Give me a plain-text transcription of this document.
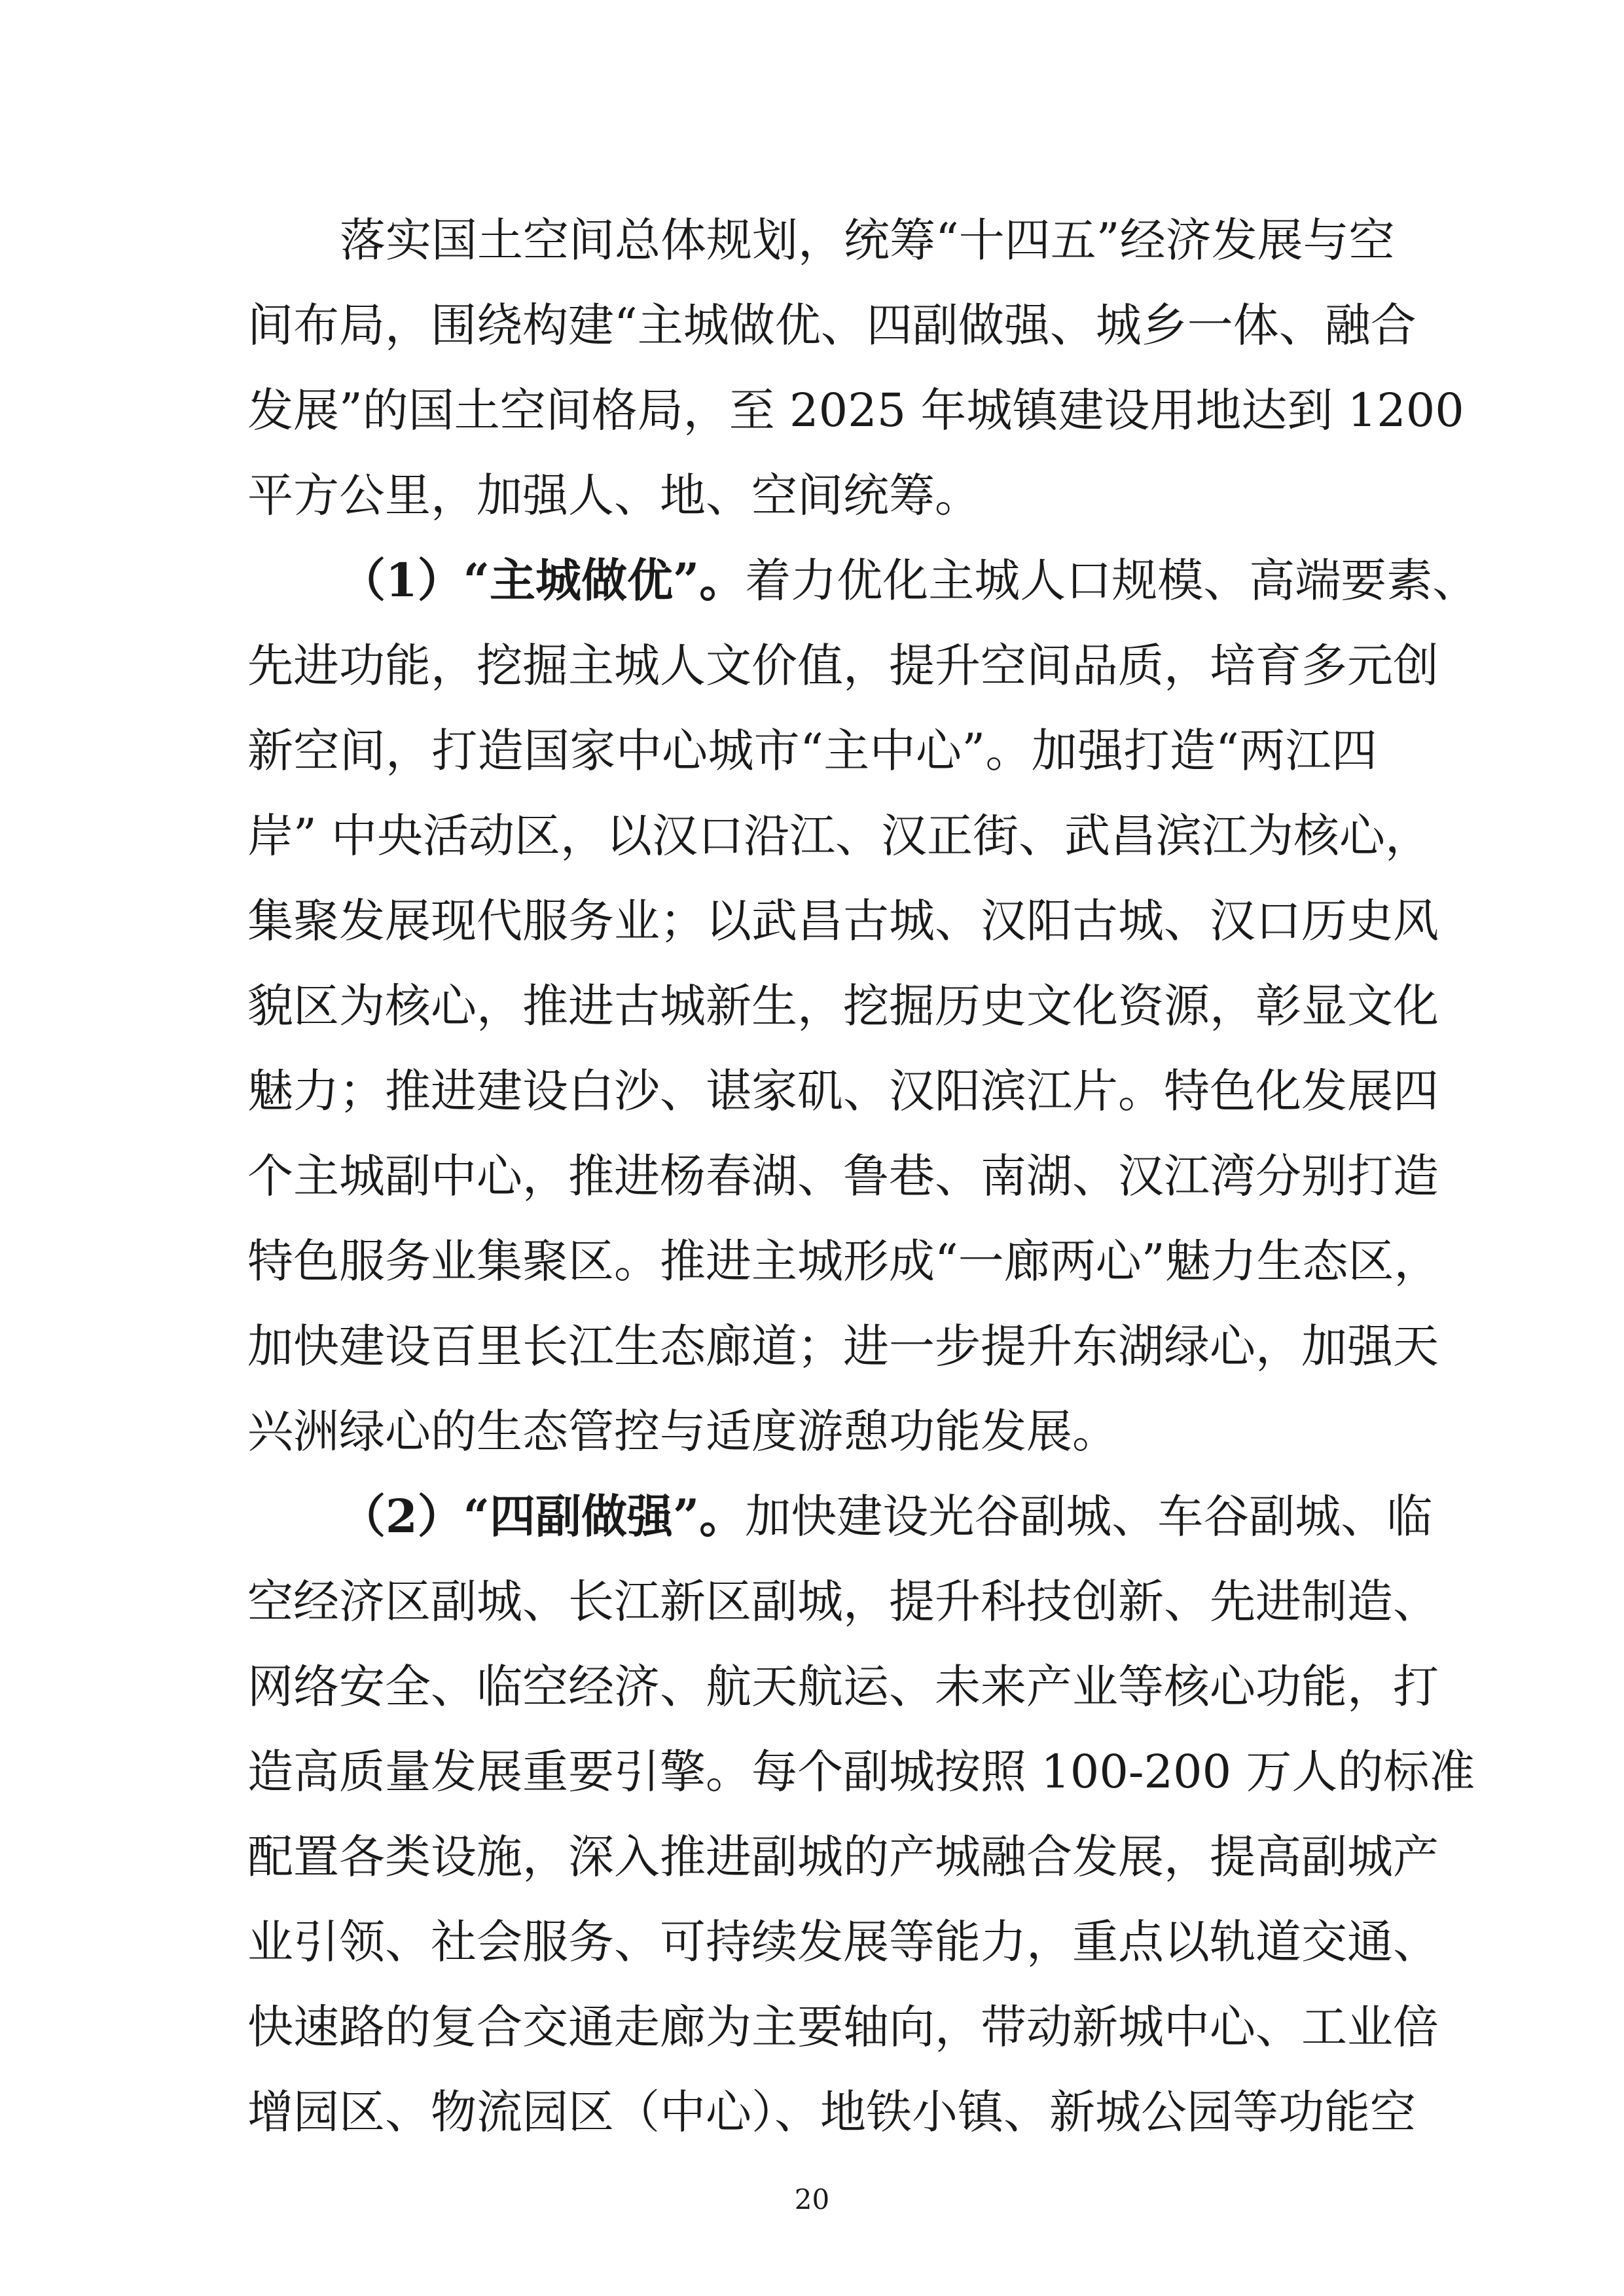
落实国土空间总体规划，统筹“十四五”经济发展与空
间布局，围绕构建“主城做优、四副做强、城乡一体、融合
发展”的国土空间格局，至 2025 年城镇建设用地达到 1200
平方公里，加强人、地、空间统筹。
（1）“主城做优”。着力优化主城人口规模、高端要素、
先进功能，挖掘主城人文价值，提升空间品质，培育多元创
新空间，打造国家中心城市“主中心”。加强打造“两江四
岸” 中央活动区，以汉口沿江、汉正街、武昌滨江为核心，
集聚发展现代服务业；以武昌古城、汉阳古城、汉口历史风
貌区为核心，推进古城新生，挖掘历史文化资源，彰显文化
魅力；推进建设白沙、谌家矶、汉阳滨江片。特色化发展四
个主城副中心，推进杨春湖、鲁巷、南湖、汉江湾分别打造
特色服务业集聚区。推进主城形成“一廊两心”魅力生态区，
加快建设百里长江生态廊道；进一步提升东湖绿心，加强天
兴洲绿心的生态管控与适度游憩功能发展。
（2）“四副做强”。加快建设光谷副城、车谷副城、临
空经济区副城、长江新区副城，提升科技创新、先进制造、
网络安全、临空经济、航天航运、未来产业等核心功能，打
造高质量发展重要引擎。每个副城按照 100-200 万人的标准
配置各类设施，深入推进副城的产城融合发展，提高副城产
业引领、社会服务、可持续发展等能力，重点以轨道交通、
快速路的复合交通走廊为主要轴向，带动新城中心、工业倍
增园区、物流园区（中心）、地铁小镇、新城公园等功能空
20
